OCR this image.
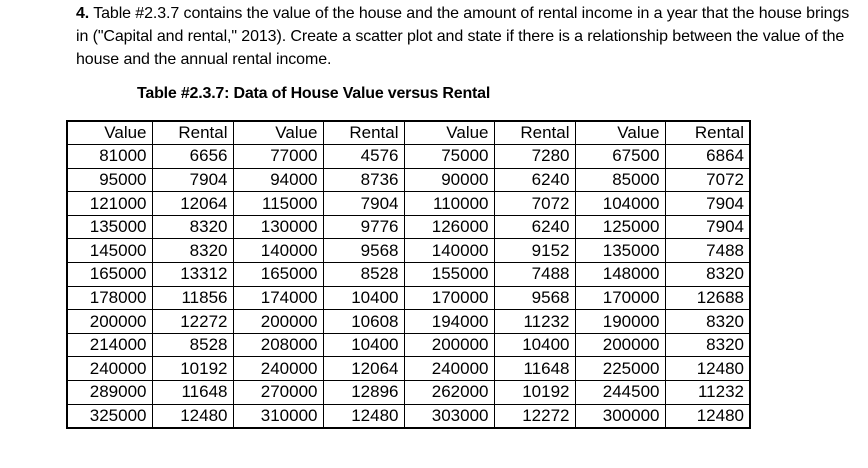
4. Table #2.3.7 contains the value of the house and the amount of rental income in a year that the house brings in ("Capital and rental," 2013). Create a scatter plot and state if there is a relationship between the value of the house and the annual rental income.
Table #2.3.7: Data of House Value versus Rental
Value	Rental	Value	Rental	Value	Rental	Value	Rental
81000	6656	77000	4576	75000	7280	67500	6864
95000	7904	94000	8736	90000	6240	85000	7072
121000	12064	115000	7904	110000	7072	104000	7904
135000	8320	130000	9776	126000	6240	125000	7904
145000	8320	140000	9568	140000	9152	135000	7488
165000	13312	165000	8528	155000	7488	148000	8320
178000	11856	174000	10400	170000	9568	170000	12688
200000	12272	200000	10608	194000	11232	190000	8320
214000	8528	208000	10400	200000	10400	200000	8320
240000	10192	240000	12064	240000	11648	225000	12480
289000	11648	270000	12896	262000	10192	244500	11232
325000	12480	310000	12480	303000	12272	300000	12480
